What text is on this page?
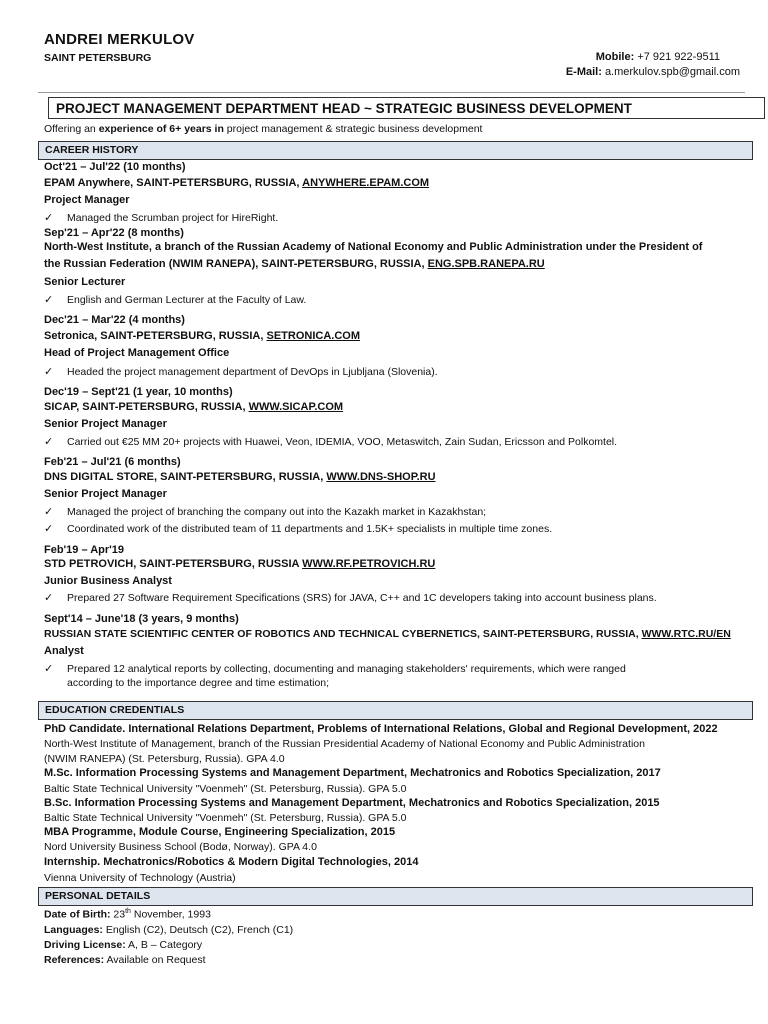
ANDREI MERKULOV
SAINT PETERSBURG	Mobile: +7 921 922-9511
E-Mail: a.merkulov.spb@gmail.com
PROJECT MANAGEMENT DEPARTMENT HEAD ~ STRATEGIC BUSINESS DEVELOPMENT
Offering an experience of 6+ years in project management & strategic business development
CAREER HISTORY
Oct'21 – Jul'22 (10 months)
EPAM Anywhere, SAINT-PETERSBURG, RUSSIA, ANYWHERE.EPAM.COM
Project Manager
✓ Managed the Scrumban project for HireRight.
Sep'21 – Apr'22 (8 months)
North-West Institute, a branch of the Russian Academy of National Economy and Public Administration under the President of
the Russian Federation (NWIM RANEPA), SAINT-PETERSBURG, RUSSIA, ENG.SPB.RANEPA.RU
Senior Lecturer
✓ English and German Lecturer at the Faculty of Law.
Dec'21 – Mar'22 (4 months)
Setronica, SAINT-PETERSBURG, RUSSIA, SETRONICA.COM
Head of Project Management Office
✓ Headed the project management department of DevOps in Ljubljana (Slovenia).
Dec'19 – Sept'21 (1 year, 10 months)
SICAP, SAINT-PETERSBURG, RUSSIA, WWW.SICAP.COM
Senior Project Manager
✓ Carried out €25 MM 20+ projects with Huawei, Veon, IDEMIA, VOO, Metaswitch, Zain Sudan, Ericsson and Polkomtel.
Feb'21 – Jul'21 (6 months)
DNS DIGITAL STORE, SAINT-PETERSBURG, RUSSIA, WWW.DNS-SHOP.RU
Senior Project Manager
✓ Managed the project of branching the company out into the Kazakh market in Kazakhstan;
✓ Coordinated work of the distributed team of 11 departments and 1.5K+ specialists in multiple time zones.
Feb'19 – Apr'19
STD PETROVICH, SAINT-PETERSBURG, RUSSIA WWW.RF.PETROVICH.RU
Junior Business Analyst
✓ Prepared 27 Software Requirement Specifications (SRS) for JAVA, C++ and 1C developers taking into account business plans.
Sept'14 – June'18 (3 years, 9 months)
RUSSIAN STATE SCIENTIFIC CENTER OF ROBOTICS AND TECHNICAL CYBERNETICS, SAINT-PETERSBURG, RUSSIA, WWW.RTC.RU/EN
Analyst
✓ Prepared 12 analytical reports by collecting, documenting and managing stakeholders' requirements, which were ranged
according to the importance degree and time estimation;
EDUCATION CREDENTIALS
PhD Candidate. International Relations Department, Problems of International Relations, Global and Regional Development, 2022
North-West Institute of Management, branch of the Russian Presidential Academy of National Economy and Public Administration
(NWIM RANEPA) (St. Petersburg, Russia). GPA 4.0
M.Sc. Information Processing Systems and Management Department, Mechatronics and Robotics Specialization, 2017
Baltic State Technical University "Voenmeh" (St. Petersburg, Russia). GPA 5.0
B.Sc. Information Processing Systems and Management Department, Mechatronics and Robotics Specialization, 2015
Baltic State Technical University "Voenmeh" (St. Petersburg, Russia). GPA 5.0
MBA Programme, Module Course, Engineering Specialization, 2015
Nord University Business School (Bodø, Norway). GPA 4.0
Internship. Mechatronics/Robotics & Modern Digital Technologies, 2014
Vienna University of Technology (Austria)
PERSONAL DETAILS
Date of Birth: 23th November, 1993
Languages: English (C2), Deutsch (C2), French (C1)
Driving License: A, B – Category
References: Available on Request
